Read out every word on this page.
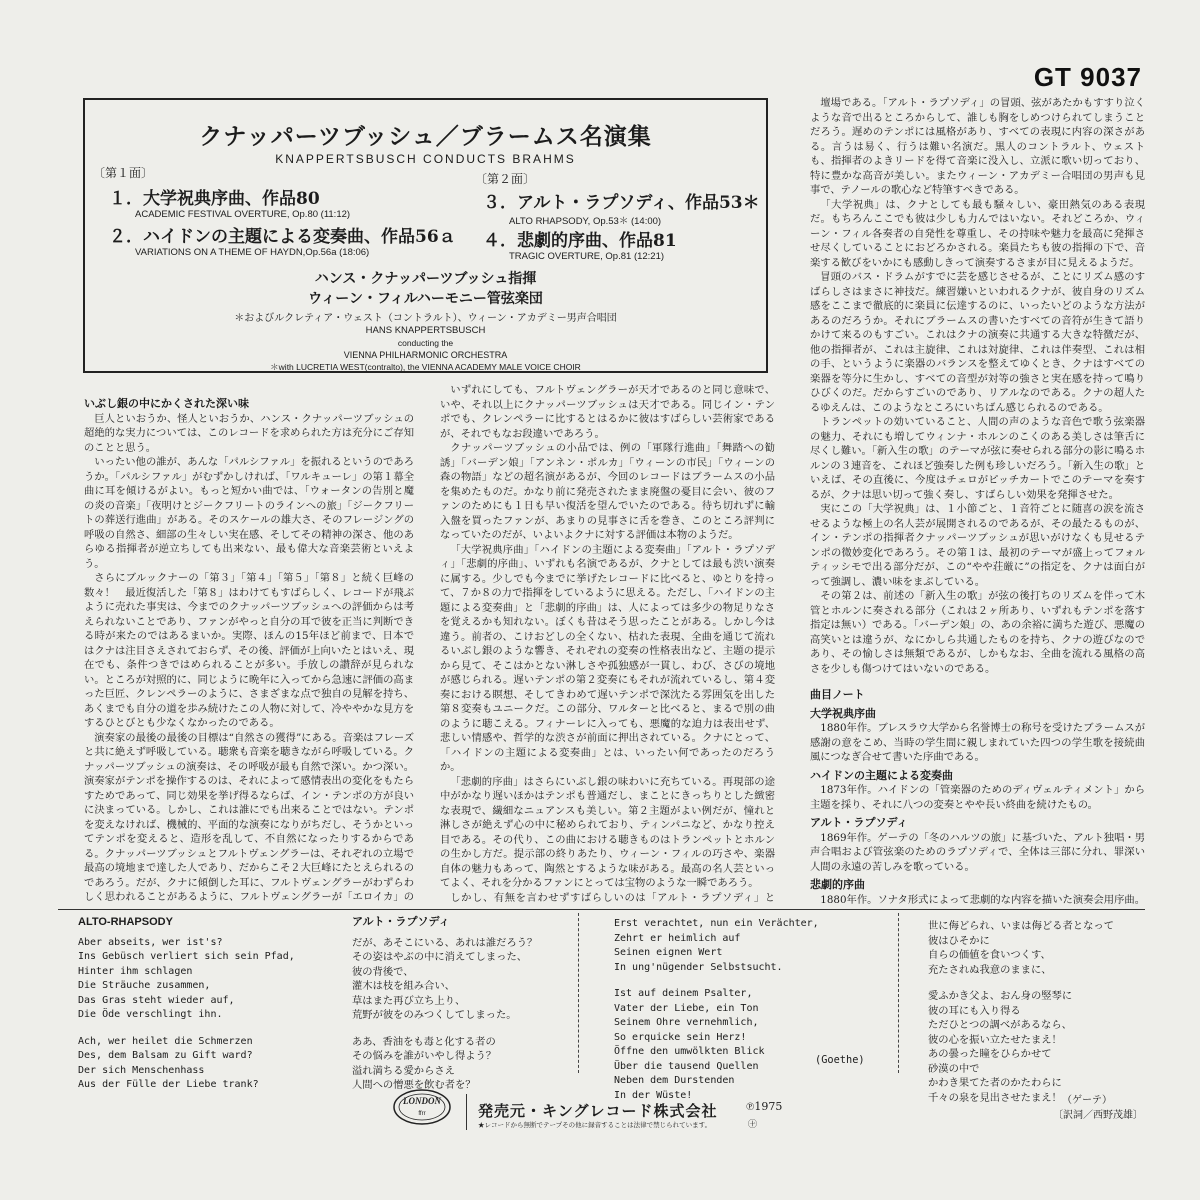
GT 9037
クナッパーツブッシュ／ブラームス名演集
KNAPPERTSBUSCH CONDUCTS BRAHMS
〔第１面〕	〔第２面〕
１．大学祝典序曲、作品80
ACADEMIC FESTIVAL OVERTURE, Op.80 (11:12)
２．ハイドンの主題による変奏曲、作品56ａ
VARIATIONS ON A THEME OF HAYDN,Op.56a (18:06)
３．アルト・ラプソディ、作品53＊
ALTO RHAPSODY, Op.53＊ (14:00)
４．悲劇的序曲、作品81
TRAGIC OVERTURE, Op.81 (12:21)
ハンス・クナッパーツブッシュ指揮
ウィーン・フィルハーモニー管弦楽団
＊およびルクレティア・ウェスト（コントラルト）、ウィーン・アカデミー男声合唱団
HANS KNAPPERTSBUSCH
conducting the
VIENNA PHILHARMONIC ORCHESTRA
＊with LUCRETIA WEST(contralto), the VIENNA ACADEMY MALE VOICE CHOIR

いぶし銀の中にかくされた深い味

巨人といおうか、怪人といおうか、ハンス・クナッパーツブッシュの超絶的な実力については、このレコードを求められた方は充分にご存知のことと思う。

いったい他の誰が、あんな「パルシファル」を振れるというのであろうか。「パルシファル」がむずかしければ、「ワルキューレ」の第１幕全曲に耳を傾けるがよい。もっと短かい曲では、「ウォータンの告別と魔の炎の音楽」「夜明けとジークフリートのラインへの旅」「ジークフリートの葬送行進曲」がある。そのスケールの雄大さ、そのフレージングの呼吸の自然さ、細部の生々しい実在感、そしてその精神の深さ、他のあらゆる指揮者が逆立ちしても出来ない、最も偉大な音楽芸術といえよう。

さらにブルックナーの「第３」「第４」「第５」「第８」と続く巨峰の数々！　最近復活した「第８」はわけてもすばらしく、レコードが飛ぶように売れた事実は、今までのクナッパーツブッシュへの評価からは考えられないことであり、ファンがやっと自分の耳で彼を正当に判断できる時が来たのではあるまいか。実際、ほんの15年ほど前まで、日本ではクナは注目さえされておらず、その後、評価が上向いたとはいえ、現在でも、条件つきではめられることが多い。手放しの讃辞が見られない。ところが対照的に、同じように晩年に入ってから急速に評価の高まった巨匠、クレンペラーのように、さまざまな点で独自の見解を持ち、あくまでも自分の道を歩み続けたこの人物に対して、冷ややかな見方をするひとびとも少なくなかったのである。

演奏家の最後の最後の目標は“自然さの獲得”にある。音楽はフレーズと共に絶えず呼吸している。聴衆も音楽を聴きながら呼吸している。クナッパーツブッシュの演奏は、その呼吸が最も自然で深い。かつ深い。演奏家がテンポを操作するのは、それによって感情表出の変化をもたらすためであって、同じ効果を挙げ得るならば、イン・テンポの方が良いに決まっている。しかし、これは誰にでも出来ることではない。テンポを変えなければ、機械的、平面的な演奏になりがちだし、そうかといってテンポを変えると、造形を乱して、不自然になったりするからである。クナッパーツブッシュとフルトヴェングラーは、それぞれの立場で最高の境地まで達した人であり、だからこそ２大巨峰にたとえられるのであろう。だが、クナに傾倒した耳に、フルトヴェングラーがわずらわしく思われることがあるように、フルトヴェングラーが「エロイカ」の

いずれにしても、フルトヴェングラーが天才であるのと同じ意味で、いや、それ以上にクナッパーツブッシュは天才である。同じイン・テンポでも、クレンペラーに比するとはるかに彼はすばらしい芸術家であるが、それでもなお段違いであろう。

クナッパーツブッシュの小品では、例の「軍隊行進曲」「舞踏への勧誘」「バーデン娘」「アンネン・ポルカ」「ウィーンの市民」「ウィーンの森の物語」などの超名演があるが、今回のレコードはブラームスの小品を集めたものだ。かなり前に発売されたまま廃盤の憂目に会い、彼のファンのためにも１日も早い復活を望んでいたのである。待ち切れずに輸入盤を買ったファンが、あまりの見事さに舌を巻き、このところ評判になっていたのだが、いよいよクナに対する評価は本物のようだ。

「大学祝典序曲」「ハイドンの主題による変奏曲」「アルト・ラプソディ」「悲劇的序曲」、いずれも名演であるが、クナとしては最も渋い演奏に属する。少しでも今までに挙げたレコードに比べると、ゆとりを持って、７か８の力で指揮をしているように思える。ただし、「ハイドンの主題による変奏曲」と「悲劇的序曲」は、人によっては多少の物足りなさを覚えるかも知れない。ぼくも昔はそう思ったことがある。しかし今は違う。前者の、こけおどしの全くない、枯れた表現、全曲を通じて流れるいぶし銀のような響き、それぞれの変奏の性格表出など、主題の提示から見て、そこはかとない淋しさや孤独感が一貫し、わび、さびの境地が感じられる。遅いテンポの第２変奏にもそれが流れているし、第４変奏における瞑想、そしてきわめて遅いテンポで深沈たる雰囲気を出した第８変奏もユニークだ。この部分、ワルターと比べると、まるで別の曲のように聴こえる。フィナーレに入っても、悪魔的な迫力は表出せず、悲しい情感や、哲学的な渋さが前面に押出されている。クナにとって、「ハイドンの主題による変奏曲」とは、いったい何であったのだろうか。

「悲劇的序曲」はさらにいぶし銀の味わいに充ちている。再現部の途中がかなり遅いほかはテンポも普通だし、まことにきっちりとした緻密な表現で、繊細なニュアンスも美しい。第２主題がよい例だが、憧れと淋しさが絶えず心の中に秘められており、ティンパニなど、かなり控え目である。その代り、この曲における聴きものはトランペットとホルンの生かし方だ。提示部の終りあたり、ウィーン・フィルの巧さや、楽器自体の魅力もあって、陶然とするような味がある。最高の名人芸といってよく、それを分かるファンにとっては宝物のような一瞬であろう。

しかし、有無を言わせずすばらしいのは「アルト・ラプソディ」と

壇場である。「アルト・ラプソディ」の冒頭、弦があたかもすすり泣くような音で出るところからして、誰しも胸をしめつけられてしまうことだろう。遅めのテンポには風格があり、すべての表現に内容の深さがある。言うは易く、行うは難い名演だ。黒人のコントラルト、ウェストも、指揮者のよきリードを得て音楽に没入し、立派に歌い切っており、特に豊かな高音が美しい。またウィーン・アカデミー合唱団の男声も見事で、テノールの歌心など特筆すべきである。

「大学祝典」は、クナとしても最も騒々しい、豪田熱気のある表現だ。もちろんここでも彼は少しも力んではいない。それどころか、ウィーン・フィル各奏者の自発性を尊重し、その持味や魅力を最高に発揮させ尽くしていることにおどろかされる。楽員たちも彼の指揮の下で、音楽する歓びをいかにも感動しきって演奏するさまが目に見えるようだ。

冒頭のバス・ドラムがすでに芸を感じさせるが、ことにリズム感のすばらしさはまさに神技だ。練習嫌いといわれるクナが、彼自身のリズム感をここまで徹底的に楽員に伝達するのに、いったいどのような方法があるのだろうか。それにブラームスの書いたすべての音符が生きて語りかけて来るのもすごい。これはクナの演奏に共通する大きな特徴だが、他の指揮者が、これは主旋律、これは対旋律、これは伴奏型、これは相の手、というように楽器のバランスを整えてゆくとき、クナはすべての楽器を等分に生かし、すべての音型が対等の強さと実在感を持って鳴りひびくのだ。だからすごいのであり、リアルなのである。クナの超人たるゆえんは、このようなところにいちばん感じられるのである。

トランペットの効いていること、人間の声のような音色で歌う弦楽器の魅力、それにも増してウィンナ・ホルンのこくのある美しさは筆舌に尽くし難い。「新入生の歌」のテーマが弦に奏せられる部分の影に鳴るホルンの３連音を、これほど強奏した例も珍しいだろう。「新入生の歌」といえば、その直後に、今度はチェロがピッチカートでこのテーマを奏するが、クナは思い切って強く奏し、すばらしい効果を発揮させた。

実にこの「大学祝典」は、１小節ごと、１音符ごとに随喜の涙を流させるような極上の名人芸が展開されるのであるが、その最たるものが、イン・テンポの指揮者クナッパーツブッシュが思いがけなくも見せるテンポの微妙変化であろう。その第１は、最初のテーマが盛上ってフォルティッシモで出る部分だが、この“やや荘厳に”の指定を、クナは面白がって強調し、濃い味をまぶしている。

その第２は、前述の「新入生の歌」が弦の後打ちのリズムを伴って木管とホルンに奏される部分（これは２ヶ所あり、いずれもテンポを落す指定は無い）である。「バーデン娘」の、あの余裕に満ちた遊び、悪魔の高笑いとは違うが、なにかしら共通したものを持ち、クナの遊びなのであり、その愉しさは無類であるが、しかもなお、全曲を流れる風格の高さを少しも傷つけてはいないのである。

曲目ノート

大学祝典序曲

1880年作。ブレスラウ大学から名誉博士の称号を受けたブラームスが感謝の意をこめ、当時の学生間に親しまれていた四つの学生歌を接続曲風につなぎ合せて書いた序曲である。

ハイドンの主題による変奏曲

1873年作。ハイドンの「管楽器のためのディヴェルティメント」から主題を採り、それに八つの変奏とやや長い終曲を続けたもの。

アルト・ラプソディ

1869年作。ゲーテの「冬のハルツの旅」に基づいた、アルト独唱・男声合唱および管弦楽のためのラプソディで、全体は三部に分れ、罪深い人間の永遠の苦しみを歌っている。

悲劇的序曲

1880年作。ソナタ形式によって悲劇的な内容を描いた演奏会用序曲。

ALTO-RHAPSODY
Aber abseits, wer ist's?
Ins Gebüsch verliert sich sein Pfad,
Hinter ihm schlagen
Die Sträuche zusammen,
Das Gras steht wieder auf,
Die Öde verschlingt ihn.
Ach, wer heilet die Schmerzen
Des, dem Balsam zu Gift ward?
Der sich Menschenhass
Aus der Fülle der Liebe trank?
アルト・ラプソディ
だが、あそこにいる、あれは誰だろう？
その姿はやぶの中に消えてしまった、
彼の背後で、
灌木は枝を組み合い、
草はまた再び立ち上り、
荒野が彼をのみつくしてしまった。
ああ、香油をも毒と化する者の
その悩みを誰がいやし得よう？
溢れ満ちる愛からさえ
人間への憎悪を飲む者を？
Erst verachtet, nun ein Verächter,
Zehrt er heimlich auf
Seinen eignen Wert
In ung'nügender Selbstsucht.
Ist auf deinem Psalter,
Vater der Liebe, ein Ton
Seinem Ohre vernehmlich,
So erquicke sein Herz!
Öffne den umwölkten Blick
Über die tausend Quellen
Neben dem Durstenden
In der Wüste!
世に侮どられ、いまは侮どる者となって
彼はひそかに
自らの価値を食いつくす、
充たされぬ我意のままに、
愛ふかき父よ、おん身の竪琴に
彼の耳にも入り得る
ただひとつの調べがあるなら、
彼の心を振い立たせたまえ！
あの曇った瞳をひらかせて
砂漠の中で
かわき果てた者のかたわらに
千々の泉を見出させたまえ！
(Goethe)
（ゲーテ）
〔訳詞／西野茂雄〕
LONDON
ffrr	発売元・キングレコード株式会社
★レコードから無断でテープその他に録音することは法律で禁じられています。
℗1975
㊉
